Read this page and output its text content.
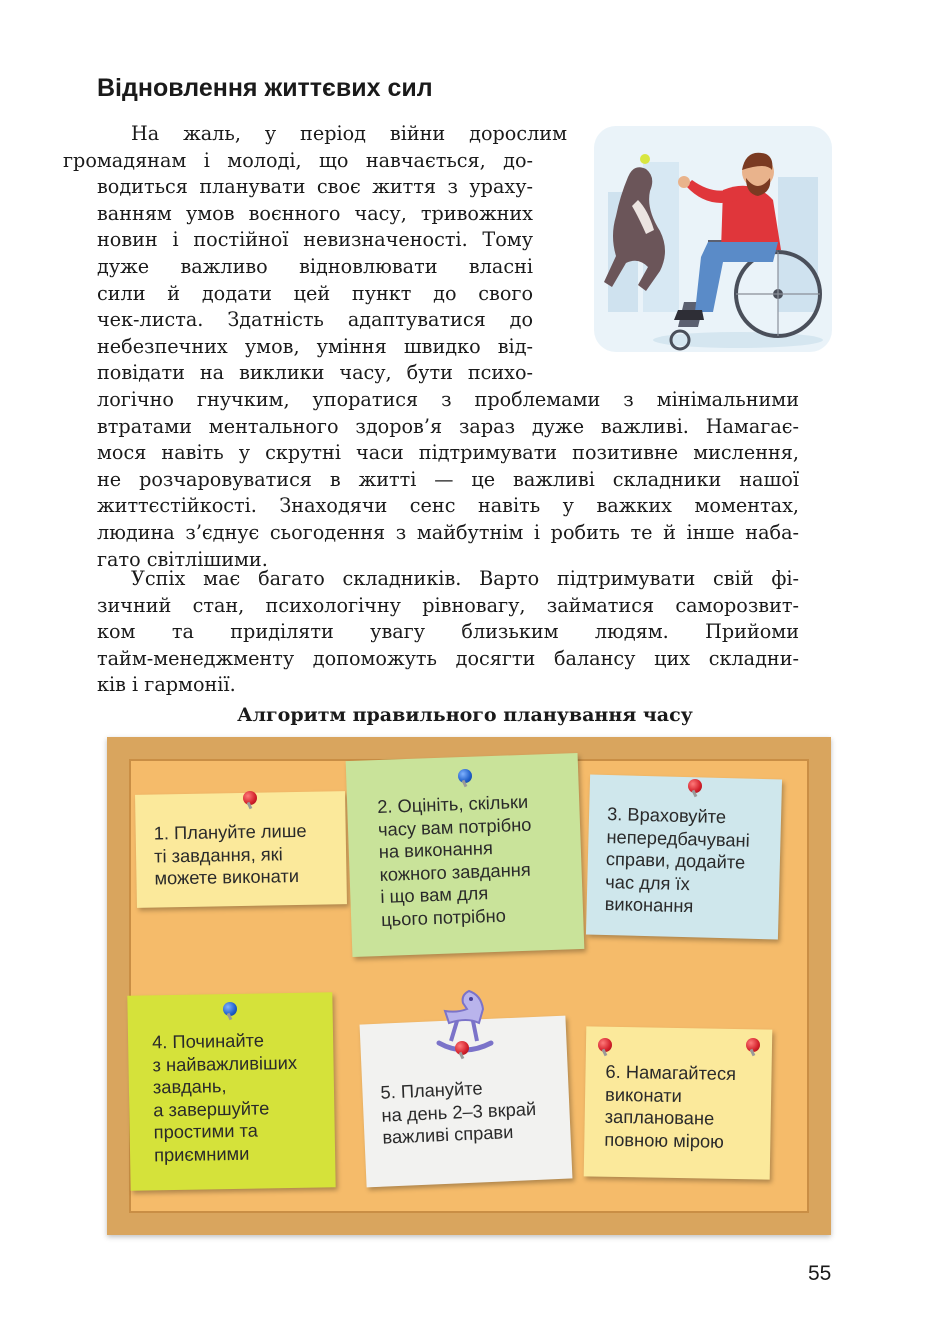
Відновлення життєвих сил

На жаль, у період війни дорослим
громадянам і молоді, що навчається, до-
водиться планувати своє життя з ураху-
ванням умов воєнного часу, тривожних
новин і постійної невизначеності. Тому
дуже важливо відновлювати власні
сили й додати цей пункт до свого
чек-листа. Здатність адаптуватися до
небезпечних умов, уміння швидко від-
повідати на виклики часу, бути психо-
логічно гнучким, упоратися з проблемами з мінімальними
втратами ментального здоров’я зараз дуже важливі. Намагає-
мося навіть у скрутні часи підтримувати позитивне мислення,
не розчаровуватися в житті — це важливі складники нашої
життєстійкості. Знаходячи сенс навіть у важких моментах,
людина з’єднує сьогодення з майбутнім і робить те й інше наба-
гато світлішими.

Успіх має багато складників. Варто підтримувати свій фі-
зичний стан, психологічну рівновагу, займатися саморозвит-
ком та приділяти увагу близьким людям. Прийоми
тайм-менеджменту допоможуть досягти балансу цих складни-
ків і гармонії.

Алгоритм правильного планування часу
1. Плануйте лише
ті завдання, які
можете виконати
2. Оцініть, скільки
часу вам потрібно
на виконання
кожного завдання
і що вам для
цього потрібно
3. Враховуйте
непередбачувані
справи, додайте
час для їх
виконання
4. Починайте
з найважливіших
завдань,
а завершуйте
простими та
приємними
5. Плануйте
на день 2–3 вкрай
важливі справи
6. Намагайтеся
виконати
заплановане
повною мірою
55
